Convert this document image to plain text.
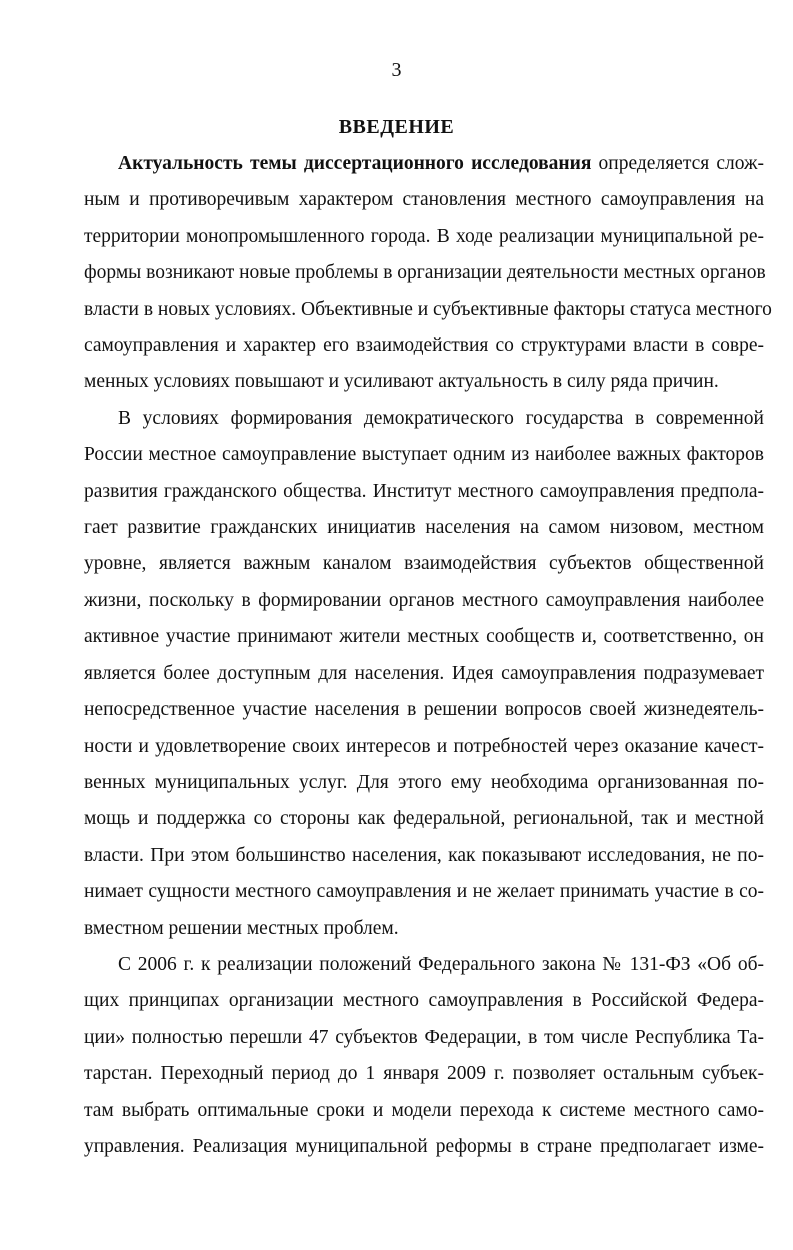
3
ВВЕДЕНИЕ

Актуальность темы диссертационного исследования определяется слож-
ным и противоречивым характером становления местного самоуправления на
территории монопромышленного города. В ходе реализации муниципальной ре-
формы возникают новые проблемы в организации деятельности местных органов
власти в новых условиях. Объективные и субъективные факторы статуса местного
самоуправления и характер его взаимодействия со структурами власти в совре-
менных условиях повышают и усиливают актуальность в силу ряда причин.

В условиях формирования демократического государства в современной
России местное самоуправление выступает одним из наиболее важных факторов
развития гражданского общества. Институт местного самоуправления предпола-
гает развитие гражданских инициатив населения на самом низовом, местном
уровне, является важным каналом взаимодействия субъектов общественной
жизни, поскольку в формировании органов местного самоуправления наиболее
активное участие принимают жители местных сообществ и, соответственно, он
является более доступным для населения. Идея самоуправления подразумевает
непосредственное участие населения в решении вопросов своей жизнедеятель-
ности и удовлетворение своих интересов и потребностей через оказание качест-
венных муниципальных услуг. Для этого ему необходима организованная по-
мощь и поддержка со стороны как федеральной, региональной, так и местной
власти. При этом большинство населения, как показывают исследования, не по-
нимает сущности местного самоуправления и не желает принимать участие в со-
вместном решении местных проблем.

С 2006 г. к реализации положений Федерального закона № 131-ФЗ «Об об-
щих принципах организации местного самоуправления в Российской Федера-
ции» полностью перешли 47 субъектов Федерации, в том числе Республика Та-
тарстан. Переходный период до 1 января 2009 г. позволяет остальным субъек-
там выбрать оптимальные сроки и модели перехода к системе местного само-
управления. Реализация муниципальной реформы в стране предполагает изме-
